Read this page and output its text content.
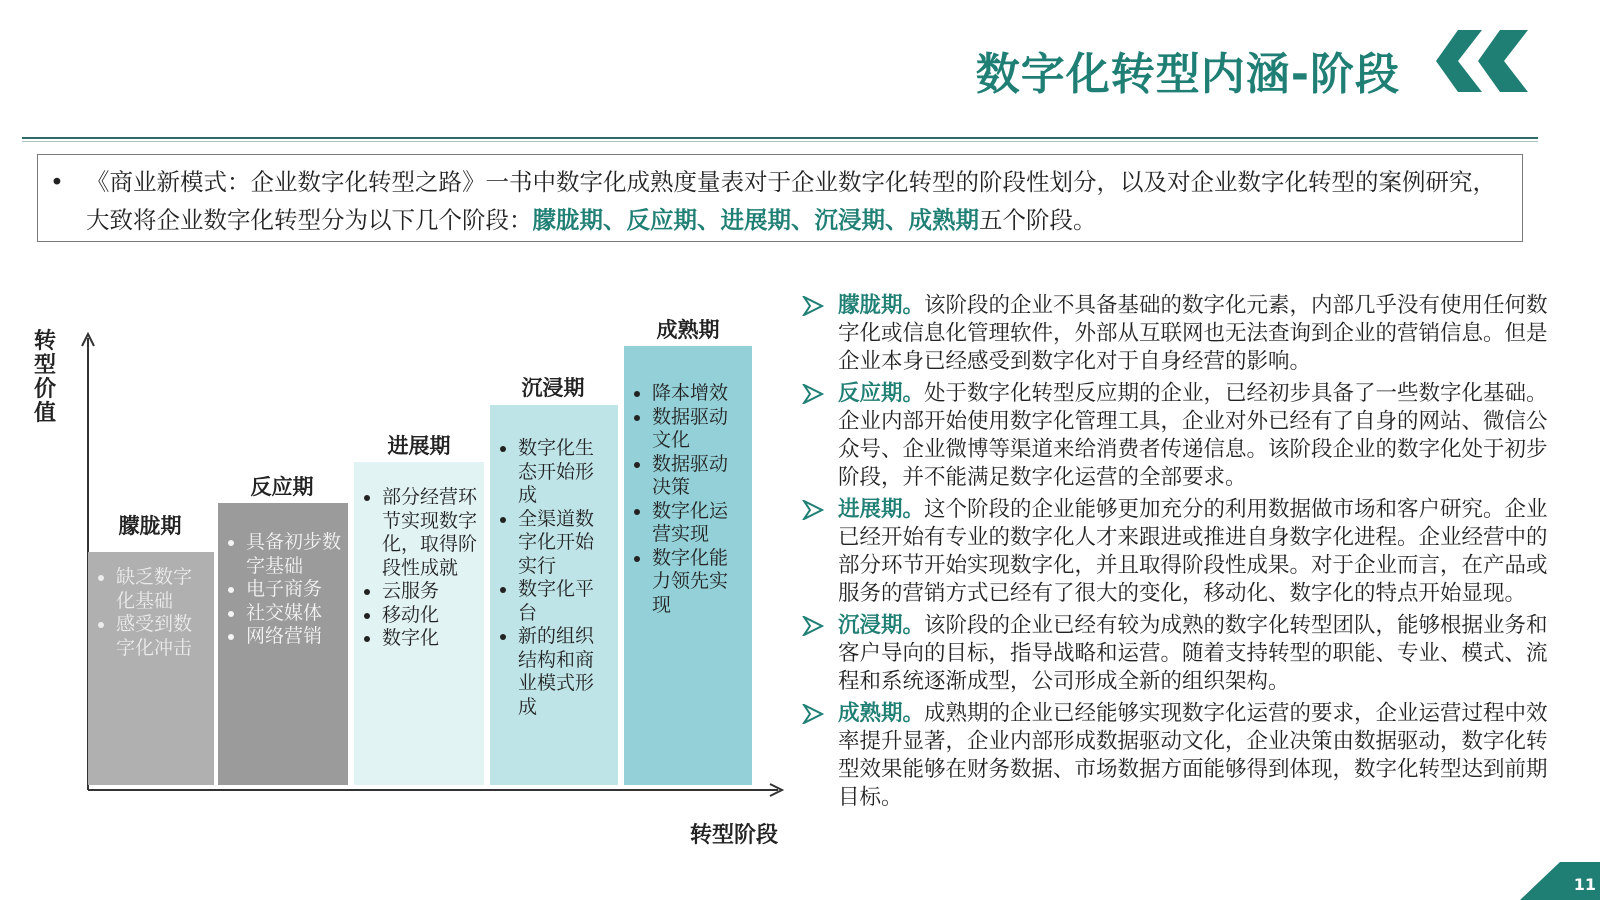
数字化转型内涵-阶段
• 《商业新模式：企业数字化转型之路》一书中数字化成熟度量表对于企业数字化转型的阶段性划分，以及对企业数字化转型的案例研究，大致将企业数字化转型分为以下几个阶段：朦胧期、反应期、进展期、沉浸期、成熟期五个阶段。
转型价值
转型阶段
朦胧期
• 缺乏数字化基础
• 感受到数字化冲击
反应期
• 具备初步数字基础
• 电子商务
• 社交媒体
• 网络营销
进展期
• 部分经营环节实现数字化，取得阶段性成就
• 云服务
• 移动化
• 数字化
沉浸期
• 数字化生态开始形成
• 全渠道数字化开始实行
• 数字化平台
• 新的组织结构和商业模式形成
成熟期
• 降本增效
• 数据驱动文化
• 数据驱动决策
• 数字化运营实现
• 数字化能力领先实现
朦胧期。该阶段的企业不具备基础的数字化元素，内部几乎没有使用任何数字化或信息化管理软件，外部从互联网也无法查询到企业的营销信息。但是企业本身已经感受到数字化对于自身经营的影响。
反应期。处于数字化转型反应期的企业，已经初步具备了一些数字化基础。企业内部开始使用数字化管理工具，企业对外已经有了自身的网站、微信公众号、企业微博等渠道来给消费者传递信息。该阶段企业的数字化处于初步阶段，并不能满足数字化运营的全部要求。
进展期。这个阶段的企业能够更加充分的利用数据做市场和客户研究。企业已经开始有专业的数字化人才来跟进或推进自身数字化进程。企业经营中的部分环节开始实现数字化，并且取得阶段性成果。对于企业而言，在产品或服务的营销方式已经有了很大的变化，移动化、数字化的特点开始显现。
沉浸期。该阶段的企业已经有较为成熟的数字化转型团队，能够根据业务和客户导向的目标，指导战略和运营。随着支持转型的职能、专业、模式、流程和系统逐渐成型，公司形成全新的组织架构。
成熟期。成熟期的企业已经能够实现数字化运营的要求，企业运营过程中效率提升显著，企业内部形成数据驱动文化，企业决策由数据驱动，数字化转型效果能够在财务数据、市场数据方面能够得到体现，数字化转型达到前期目标。
11
